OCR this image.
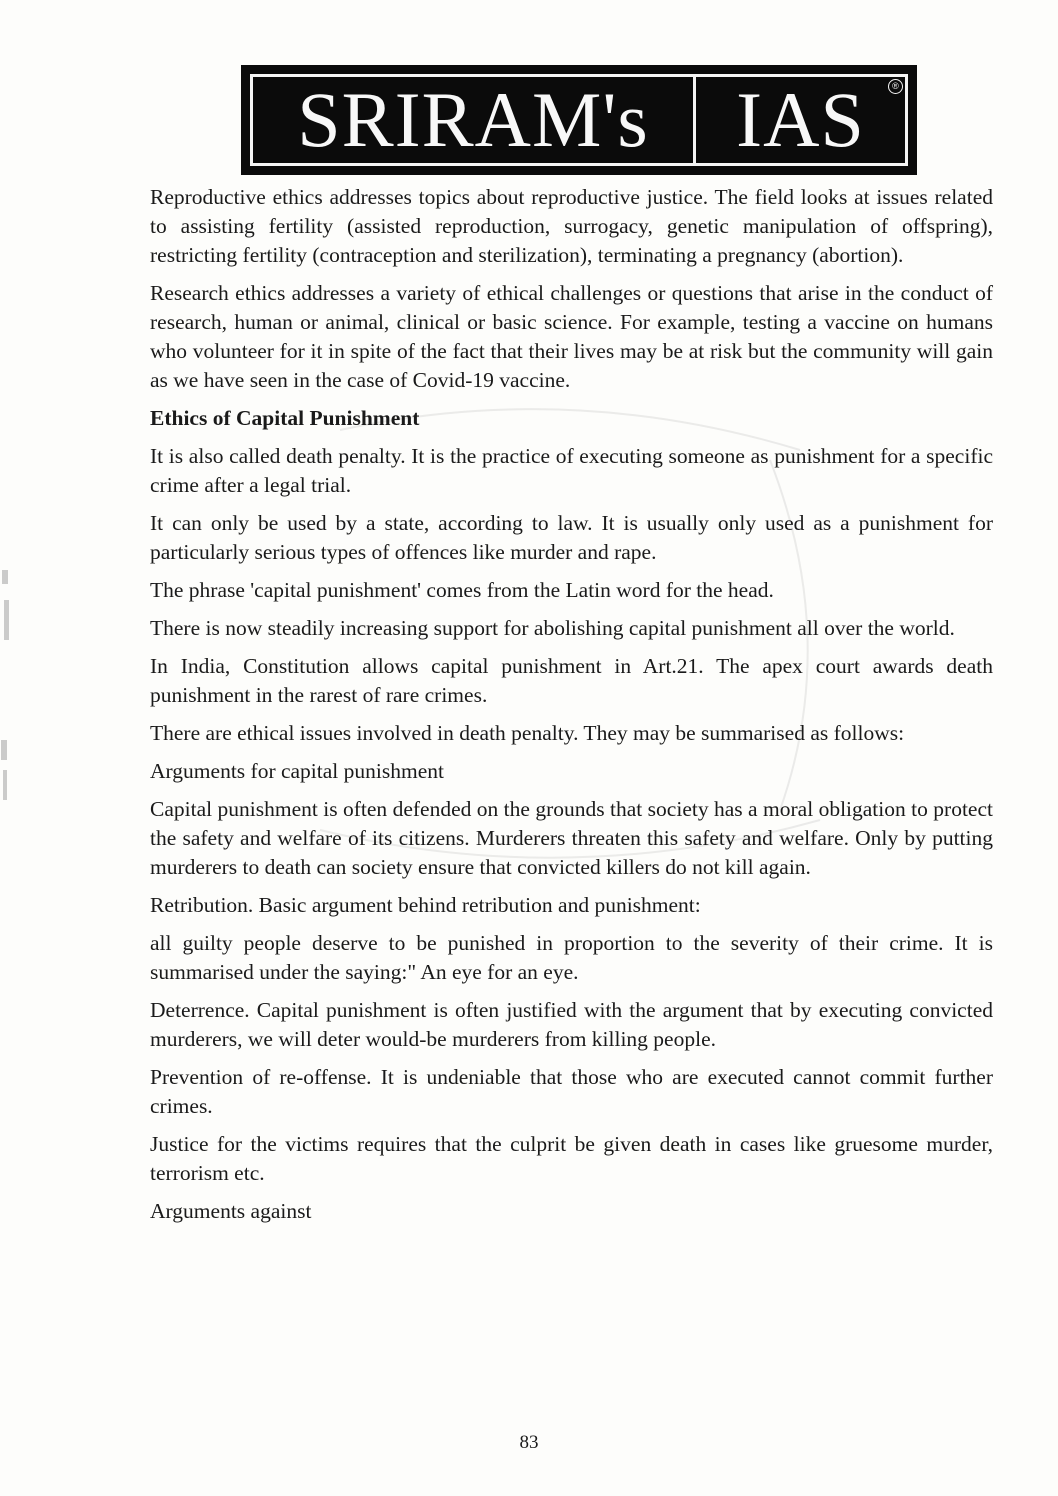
SRIRAM's	IAS	®

Reproductive ethics addresses topics about reproductive justice. The field looks at issues related to assisting fertility (assisted reproduction, surrogacy, genetic manipulation of offspring), restricting fertility (contraception and sterilization), terminating a pregnancy (abortion).

Research ethics addresses a variety of ethical challenges or questions that arise in the conduct of research, human or animal, clinical or basic science. For example, testing a vaccine on humans who volunteer for it in spite of the fact that their lives may be at risk but the community will gain as we have seen in the case of Covid-19 vaccine.

Ethics of Capital Punishment

It is also called death penalty. It is the practice of executing someone as punishment for a specific crime after a legal trial.

It can only be used by a state, according to law. It is usually only used as a punishment for particularly serious types of offences like murder and rape.

The phrase 'capital punishment' comes from the Latin word for the head.

There is now steadily increasing support for abolishing capital punishment all over the world.

In India, Constitution allows capital punishment in Art.21. The apex court awards death punishment in the rarest of rare crimes.

There are ethical issues involved in death penalty. They may be summarised as follows:

Arguments for capital punishment

Capital punishment is often defended on the grounds that society has a moral obligation to protect the safety and welfare of its citizens. Murderers threaten this safety and welfare. Only by putting murderers to death can society ensure that convicted killers do not kill again.

Retribution. Basic argument behind retribution and punishment:

all guilty people deserve to be punished in proportion to the severity of their crime. It is summarised under the saying:" An eye for an eye.

Deterrence. Capital punishment is often justified with the argument that by executing convicted murderers, we will deter would-be murderers from killing people.

Prevention of re-offense. It is undeniable that those who are executed cannot commit further crimes.

Justice for the victims requires that the culprit be given death in cases like gruesome murder, terrorism etc.

Arguments against

83
